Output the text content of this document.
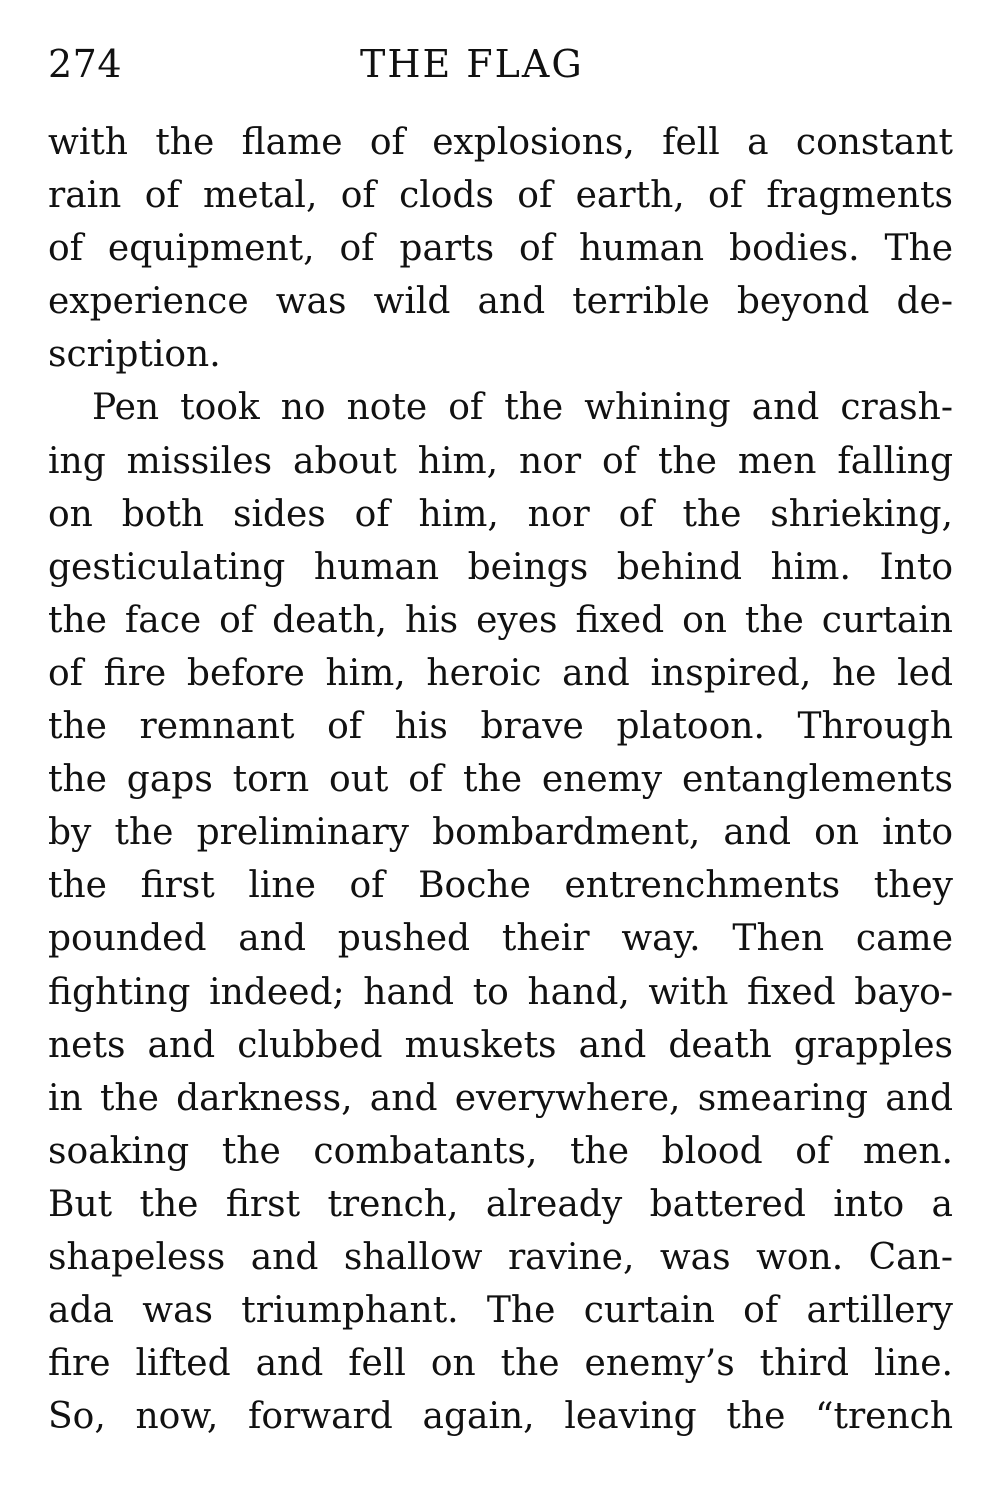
274	THE FLAG
with the flame of explosions, fell a constant
rain of metal, of clods of earth, of fragments
of equipment, of parts of human bodies. The
experience was wild and terrible beyond de-
scription.
Pen took no note of the whining and crash-
ing missiles about him, nor of the men falling
on both sides of him, nor of the shrieking,
gesticulating human beings behind him. Into
the face of death, his eyes fixed on the curtain
of fire before him, heroic and inspired, he led
the remnant of his brave platoon. Through
the gaps torn out of the enemy entanglements
by the preliminary bombardment, and on into
the first line of Boche entrenchments they
pounded and pushed their way. Then came
fighting indeed; hand to hand, with fixed bayo-
nets and clubbed muskets and death grapples
in the darkness, and everywhere, smearing and
soaking the combatants, the blood of men.
But the first trench, already battered into a
shapeless and shallow ravine, was won. Can-
ada was triumphant. The curtain of artillery
fire lifted and fell on the enemy’s third line.
So, now, forward again, leaving the “trench
